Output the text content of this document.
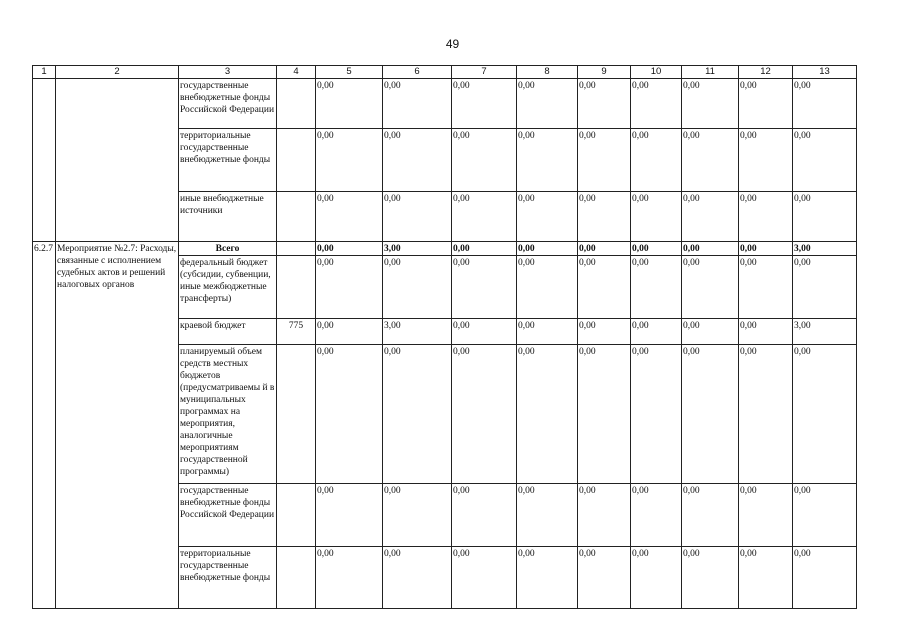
49
1	2	3	4	5	6	7	8	9	10	11	12	13
		государственные внебюджетные фонды Российской Федерации		0,00	0,00	0,00	0,00	0,00	0,00	0,00	0,00	0,00
		территориальные государственные внебюджетные фонды		0,00	0,00	0,00	0,00	0,00	0,00	0,00	0,00	0,00
		иные внебюджетные источники		0,00	0,00	0,00	0,00	0,00	0,00	0,00	0,00	0,00
6.2.7	Мероприятие №2.7: Расходы, связанные с исполнением судебных актов и решений налоговых органов	Всего		0,00	3,00	0,00	0,00	0,00	0,00	0,00	0,00	3,00
		федеральный бюджет (субсидии, субвенции, иные межбюджетные трансферты)		0,00	0,00	0,00	0,00	0,00	0,00	0,00	0,00	0,00
		краевой бюджет	775	0,00	3,00	0,00	0,00	0,00	0,00	0,00	0,00	3,00
		планируемый объем средств местных бюджетов (предусматриваемы й в муниципальных программах на мероприятия, аналогичные мероприятиям государственной программы)		0,00	0,00	0,00	0,00	0,00	0,00	0,00	0,00	0,00
		государственные внебюджетные фонды Российской Федерации		0,00	0,00	0,00	0,00	0,00	0,00	0,00	0,00	0,00
		территориальные государственные внебюджетные фонды		0,00	0,00	0,00	0,00	0,00	0,00	0,00	0,00	0,00
